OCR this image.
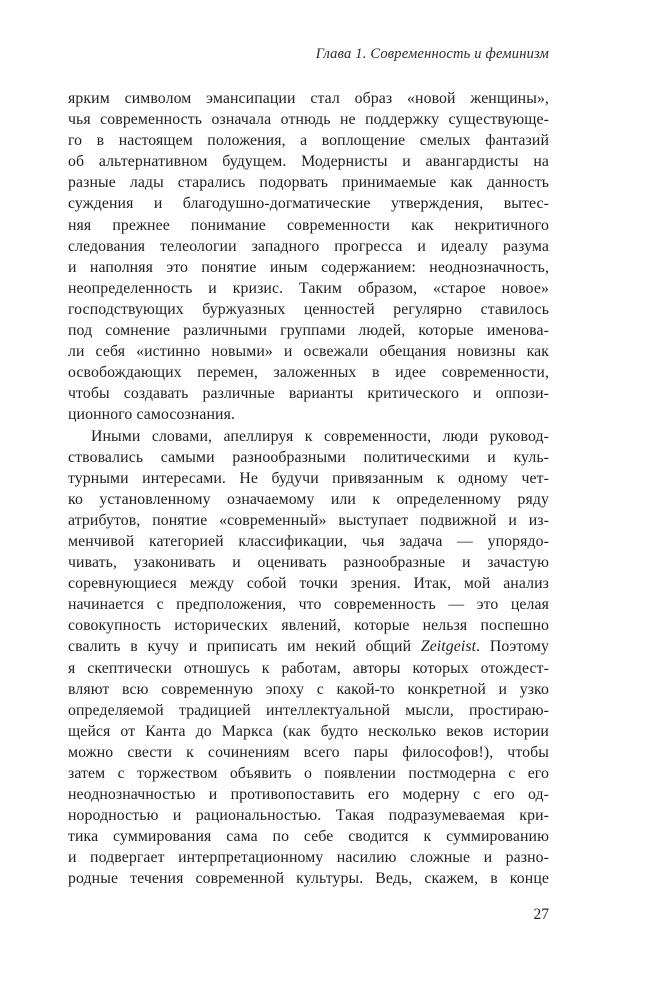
Глава 1. Современность и феминизм
ярким символом эмансипации стал образ «новой женщины»,
чья современность означала отнюдь не поддержку существующе-
го в настоящем положения, а воплощение смелых фантазий
об альтернативном будущем. Модернисты и авангардисты на
разные лады старались подорвать принимаемые как данность
суждения и благодушно-догматические утверждения, вытес-
няя прежнее понимание современности как некритичного
следования телеологии западного прогресса и идеалу разума
и наполняя это понятие иным содержанием: неоднозначность,
неопределенность и кризис. Таким образом, «старое новое»
господствующих буржуазных ценностей регулярно ставилось
под сомнение различными группами людей, которые именова-
ли себя «истинно новыми» и освежали обещания новизны как
освобождающих перемен, заложенных в идее современности,
чтобы создавать различные варианты критического и оппози-
ционного самосознания.
Иными словами, апеллируя к современности, люди руковод-
ствовались самыми разнообразными политическими и куль-
турными интересами. Не будучи привязанным к одному чет-
ко установленному означаемому или к определенному ряду
атрибутов, понятие «современный» выступает подвижной и из-
менчивой категорией классификации, чья задача — упорядо-
чивать, узаконивать и оценивать разнообразные и зачастую
соревнующиеся между собой точки зрения. Итак, мой анализ
начинается с предположения, что современность — это целая
совокупность исторических явлений, которые нельзя поспешно
свалить в кучу и приписать им некий общий Zeitgeist. Поэтому
я скептически отношусь к работам, авторы которых отождест-
вляют всю современную эпоху с какой-то конкретной и узко
определяемой традицией интеллектуальной мысли, простираю-
щейся от Канта до Маркса (как будто несколько веков истории
можно свести к сочинениям всего пары философов!), чтобы
затем с торжеством объявить о появлении постмодерна с его
неоднозначностью и противопоставить его модерну с его од-
нородностью и рациональностью. Такая подразумеваемая кри-
тика суммирования сама по себе сводится к суммированию
и подвергает интерпретационному насилию сложные и разно-
родные течения современной культуры. Ведь, скажем, в конце
27
